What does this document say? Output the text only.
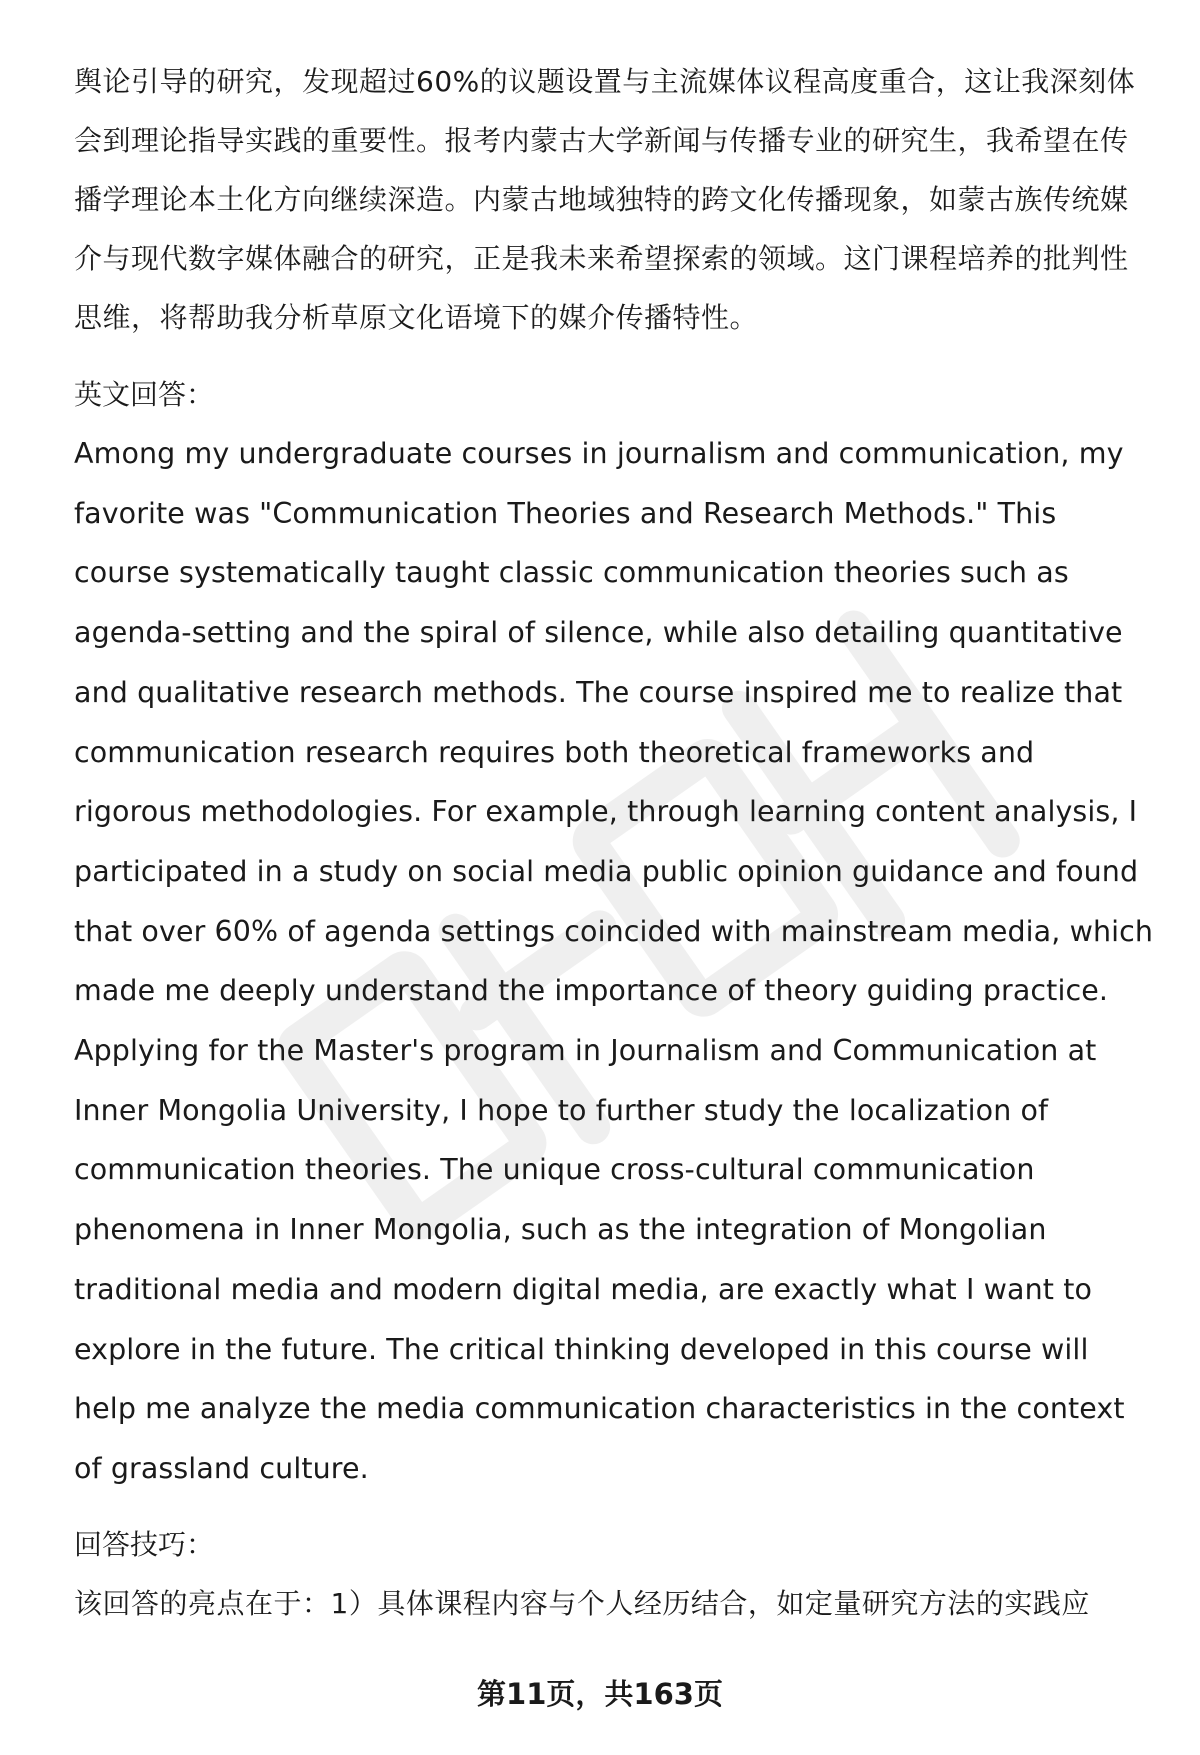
舆论引导的研究，发现超过60%的议题设置与主流媒体议程高度重合，这让我深刻体会到理论指导实践的重要性。报考内蒙古大学新闻与传播专业的研究生，我希望在传播学理论本土化方向继续深造。内蒙古地域独特的跨文化传播现象，如蒙古族传统媒介与现代数字媒体融合的研究，正是我未来希望探索的领域。这门课程培养的批判性思维，将帮助我分析草原文化语境下的媒介传播特性。

英文回答：

Among my undergraduate courses in journalism and communication, my favorite was "Communication Theories and Research Methods." This course systematically taught classic communication theories such as agenda-setting and the spiral of silence, while also detailing quantitative and qualitative research methods. The course inspired me to realize that communication research requires both theoretical frameworks and rigorous methodologies. For example, through learning content analysis, I participated in a study on social media public opinion guidance and found that over 60% of agenda settings coincided with mainstream media, which made me deeply understand the importance of theory guiding practice. Applying for the Master's program in Journalism and Communication at Inner Mongolia University, I hope to further study the localization of communication theories. The unique cross-cultural communication phenomena in Inner Mongolia, such as the integration of Mongolian traditional media and modern digital media, are exactly what I want to explore in the future. The critical thinking developed in this course will help me analyze the media communication characteristics in the context of grassland culture.

回答技巧：

该回答的亮点在于：1）具体课程内容与个人经历结合，如定量研究方法的实践应

第11页，共163页
